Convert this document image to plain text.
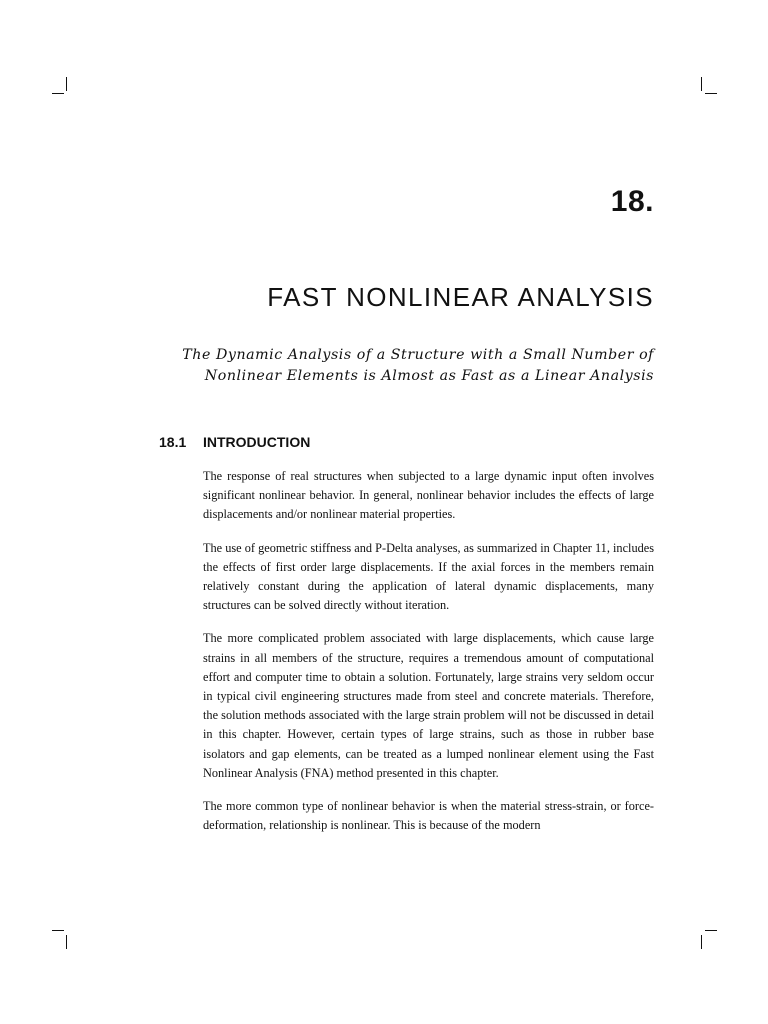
18.
FAST NONLINEAR ANALYSIS

The Dynamic Analysis of a Structure with a Small Number of Nonlinear Elements is Almost as Fast as a Linear Analysis

18.1 INTRODUCTION

The response of real structures when subjected to a large dynamic input often involves significant nonlinear behavior. In general, nonlinear behavior includes the effects of large displacements and/or nonlinear material properties.

The use of geometric stiffness and P-Delta analyses, as summarized in Chapter 11, includes the effects of first order large displacements. If the axial forces in the members remain relatively constant during the application of lateral dynamic displacements, many structures can be solved directly without iteration.

The more complicated problem associated with large displacements, which cause large strains in all members of the structure, requires a tremendous amount of computational effort and computer time to obtain a solution. Fortunately, large strains very seldom occur in typical civil engineering structures made from steel and concrete materials. Therefore, the solution methods associated with the large strain problem will not be discussed in detail in this chapter. However, certain types of large strains, such as those in rubber base isolators and gap elements, can be treated as a lumped nonlinear element using the Fast Nonlinear Analysis (FNA) method presented in this chapter.

The more common type of nonlinear behavior is when the material stress-strain, or force-deformation, relationship is nonlinear. This is because of the modern
